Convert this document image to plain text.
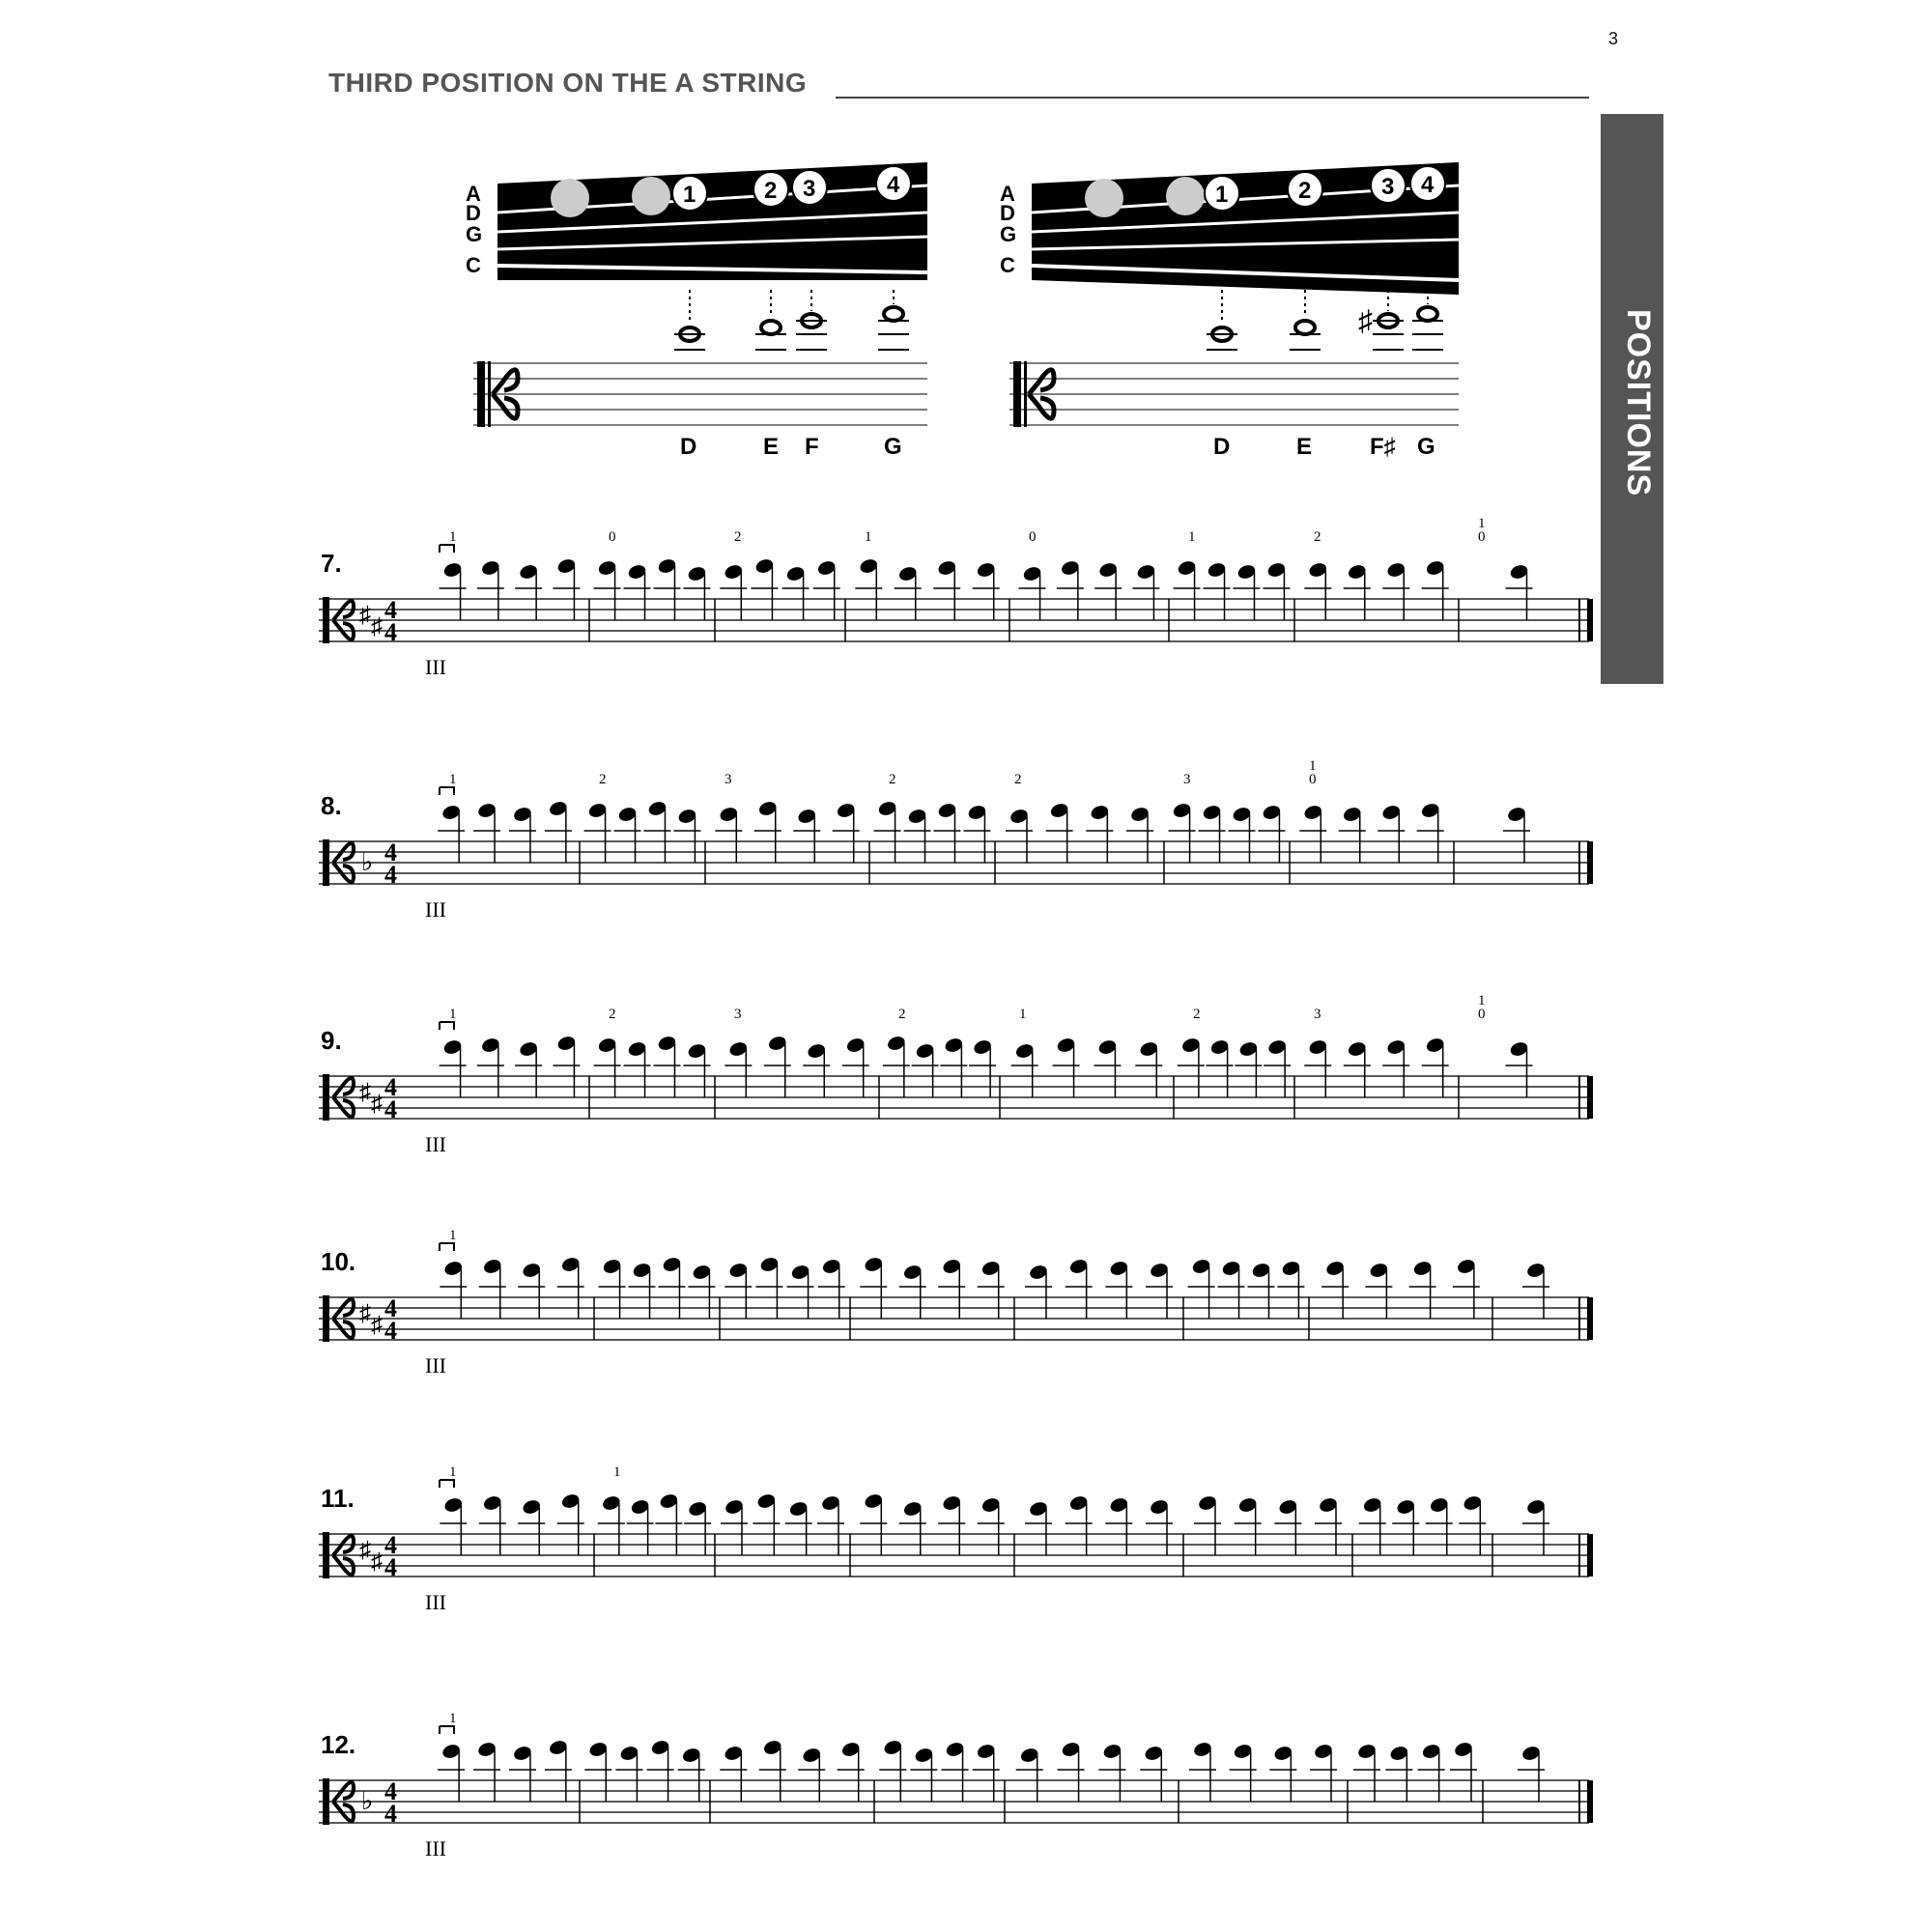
3
THIRD POSITION ON THE A STRING
POSITIONS
A
D
G
C
1	2 3	4
D	E F	G
A
D
G
C
1	2	3 4
♯
D	E F♯ G
7.
♯ ♯
4
4
III
1	0	2	1	0	1	2
1
0
8.
♭ 4
4
III
1	2	3	2	2	3
1
0
9.
♯ ♯
4
4
III
1	2	3	2	1	2	3
1
0
10.
♯ ♯
4
4
III
1
11.
♯ ♯
4
4
III
1	1
12.
♭ 4
4
III
1
